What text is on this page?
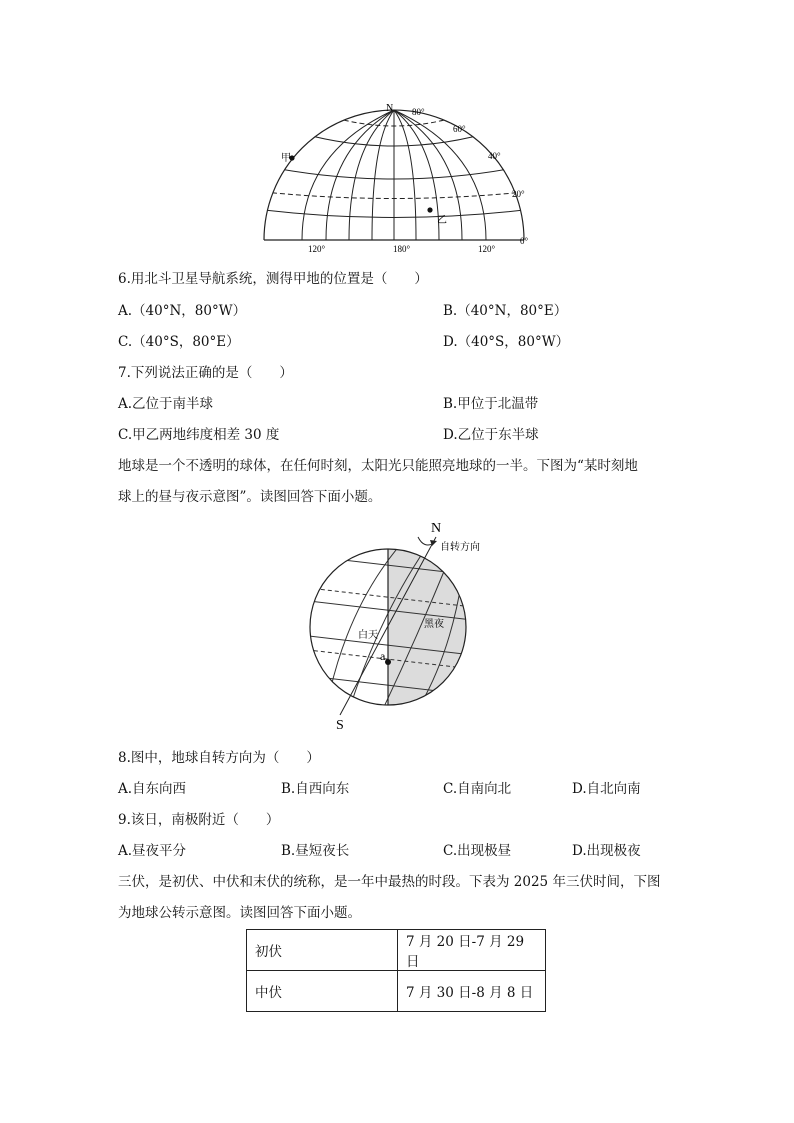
N 80°
60°
40°
20°
0°
120°	180°	120°
甲
乙
6.用北斗卫星导航系统，测得甲地的位置是（　　）
A.（40°N，80°W）	B.（40°N，80°E）
C.（40°S，80°E）	D.（40°S，80°W）
7.下列说法正确的是（　　）
A.乙位于南半球	B.甲位于北温带
C.甲乙两地纬度相差 30 度	D.乙位于东半球
地球是一个不透明的球体，在任何时刻，太阳光只能照亮地球的一半。下图为“某时刻地
球上的昼与夜示意图”。读图回答下面小题。
N
S
自转方向
白天
黑夜
a
8.图中，地球自转方向为（　　）
A.自东向西	B.自西向东	C.自南向北	D.自北向南
9.该日，南极附近（　　）
A.昼夜平分	B.昼短夜长	C.出现极昼	D.出现极夜
三伏，是初伏、中伏和末伏的统称，是一年中最热的时段。下表为 2025 年三伏时间，下图
为地球公转示意图。读图回答下面小题。
初伏	7 月 20 日-7 月 29 日
中伏	7 月 30 日-8 月 8 日
